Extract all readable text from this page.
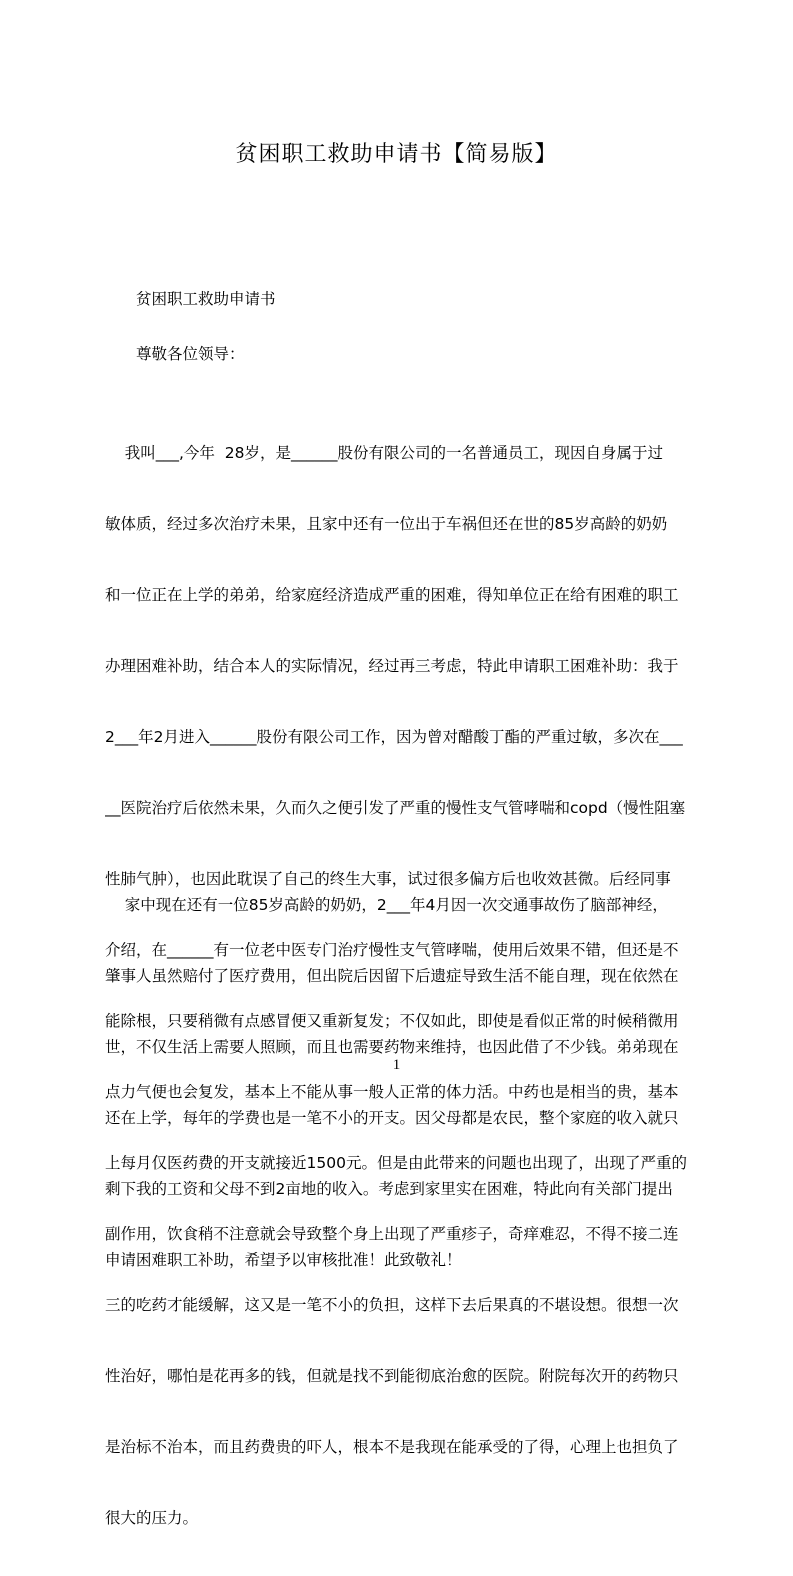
贫困职工救助申请书【简易版】
贫困职工救助申请书
尊敬各位领导：

我叫___,今年  28岁，是______股份有限公司的一名普通员工，现因自身属于过

敏体质，经过多次治疗未果，且家中还有一位出于车祸但还在世的85岁高龄的奶奶

和一位正在上学的弟弟，给家庭经济造成严重的困难，得知单位正在给有困难的职工

办理困难补助，结合本人的实际情况，经过再三考虑，特此申请职工困难补助：我于

2___年2月进入______股份有限公司工作，因为曾对醋酸丁酯的严重过敏，多次在___

__医院治疗后依然未果，久而久之便引发了严重的慢性支气管哮喘和copd（慢性阻塞

性肺气肿），也因此耽误了自己的终生大事，试过很多偏方后也收效甚微。后经同事

介绍，在______有一位老中医专门治疗慢性支气管哮喘，使用后效果不错，但还是不

能除根，只要稍微有点感冒便又重新复发；不仅如此，即使是看似正常的时候稍微用

点力气便也会复发，基本上不能从事一般人正常的体力活。中药也是相当的贵，基本

上每月仅医药费的开支就接近1500元。但是由此带来的问题也出现了，出现了严重的

副作用，饮食稍不注意就会导致整个身上出现了严重疹子，奇痒难忍，不得不接二连

三的吃药才能缓解，这又是一笔不小的负担，这样下去后果真的不堪设想。很想一次

性治好，哪怕是花再多的钱，但就是找不到能彻底治愈的医院。附院每次开的药物只

是治标不治本，而且药费贵的吓人，根本不是我现在能承受的了得，心理上也担负了

很大的压力。

家中现在还有一位85岁高龄的奶奶，2___年4月因一次交通事故伤了脑部神经，

肇事人虽然赔付了医疗费用，但出院后因留下后遗症导致生活不能自理，现在依然在

世，不仅生活上需要人照顾，而且也需要药物来维持，也因此借了不少钱。弟弟现在

还在上学，每年的学费也是一笔不小的开支。因父母都是农民，整个家庭的收入就只

剩下我的工资和父母不到2亩地的收入。考虑到家里实在困难，特此向有关部门提出

申请困难职工补助，希望予以审核批准！此致敬礼！

1
